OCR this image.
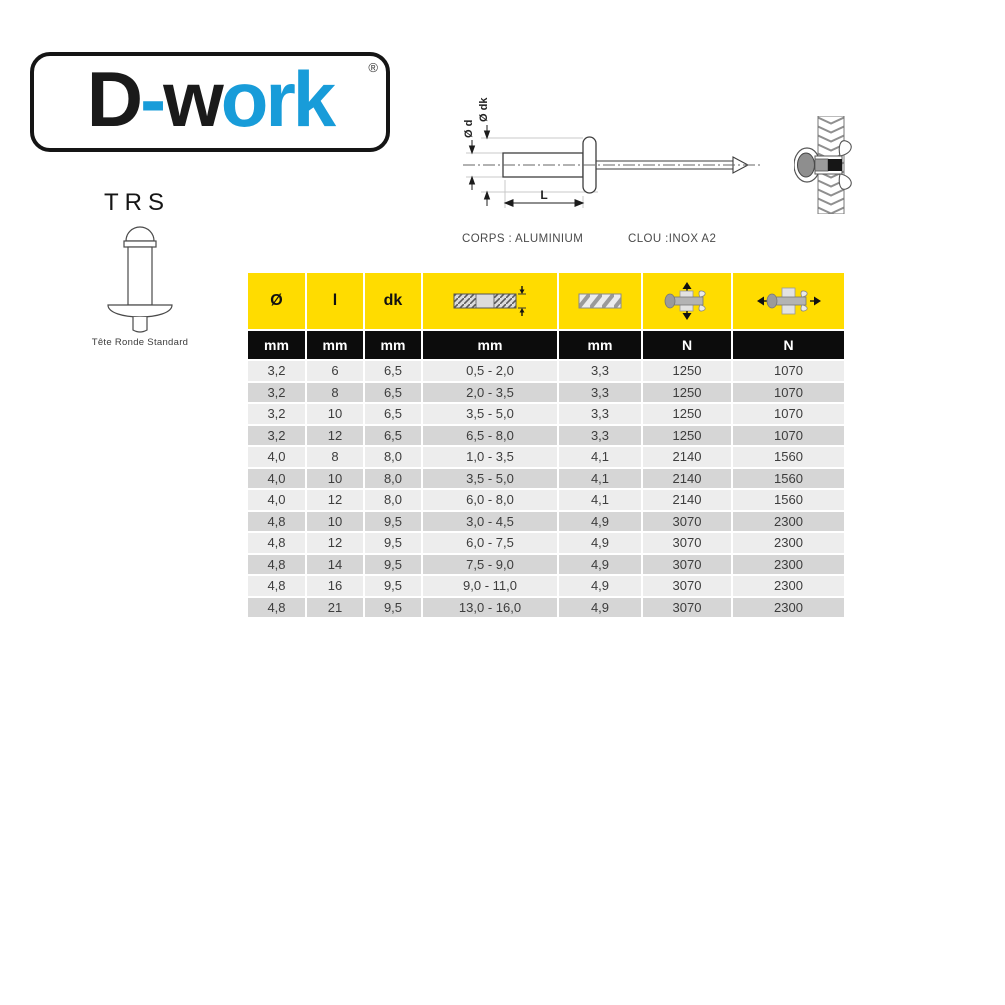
D-work	®
TRS
Tête Ronde Standard
Ø d
Ø dk
L
CORPS : ALUMINIUM	CLOU :INOX A2
Ø	l	dk	

mm	mm	mm	mm	mm	N	N
3,2	6	6,5	0,5 - 2,0	3,3	1250	1070
3,2	8	6,5	2,0 - 3,5	3,3	1250	1070
3,2	10	6,5	3,5 - 5,0	3,3	1250	1070
3,2	12	6,5	6,5 - 8,0	3,3	1250	1070
4,0	8	8,0	1,0 - 3,5	4,1	2140	1560
4,0	10	8,0	3,5 - 5,0	4,1	2140	1560
4,0	12	8,0	6,0 - 8,0	4,1	2140	1560
4,8	10	9,5	3,0 - 4,5	4,9	3070	2300
4,8	12	9,5	6,0 - 7,5	4,9	3070	2300
4,8	14	9,5	7,5 - 9,0	4,9	3070	2300
4,8	16	9,5	9,0 - 11,0	4,9	3070	2300
4,8	21	9,5	13,0 - 16,0	4,9	3070	2300
